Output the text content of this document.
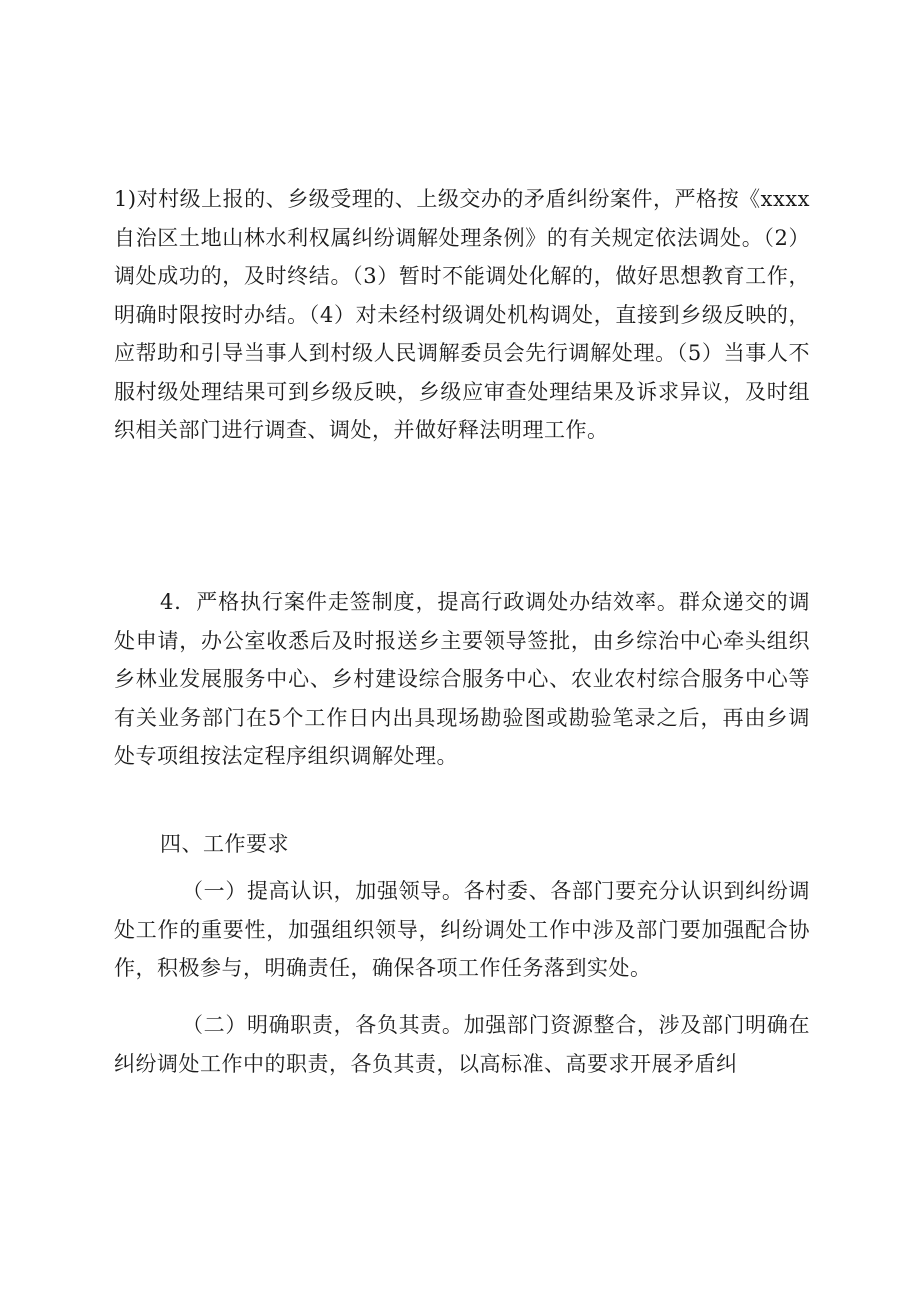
1)对村级上报的、乡级受理的、上级交办的矛盾纠纷案件，严格按《xxxx自治区土地山林水利权属纠纷调解处理条例》的有关规定依法调处。（2）调处成功的，及时终结。（3）暂时不能调处化解的，做好思想教育工作，明确时限按时办结。（4）对未经村级调处机构调处，直接到乡级反映的，应帮助和引导当事人到村级人民调解委员会先行调解处理。（5）当事人不服村级处理结果可到乡级反映，乡级应审查处理结果及诉求异议，及时组织相关部门进行调查、调处，并做好释法明理工作。

4．严格执行案件走签制度，提高行政调处办结效率。群众递交的调处申请，办公室收悉后及时报送乡主要领导签批，由乡综治中心牵头组织乡林业发展服务中心、乡村建设综合服务中心、农业农村综合服务中心等有关业务部门在5个工作日内出具现场勘验图或勘验笔录之后，再由乡调处专项组按法定程序组织调解处理。

四、工作要求

（一）提高认识，加强领导。各村委、各部门要充分认识到纠纷调处工作的重要性，加强组织领导，纠纷调处工作中涉及部门要加强配合协作，积极参与，明确责任，确保各项工作任务落到实处。

（二）明确职责，各负其责。加强部门资源整合，涉及部门明确在纠纷调处工作中的职责，各负其责，以高标准、高要求开展矛盾纠
